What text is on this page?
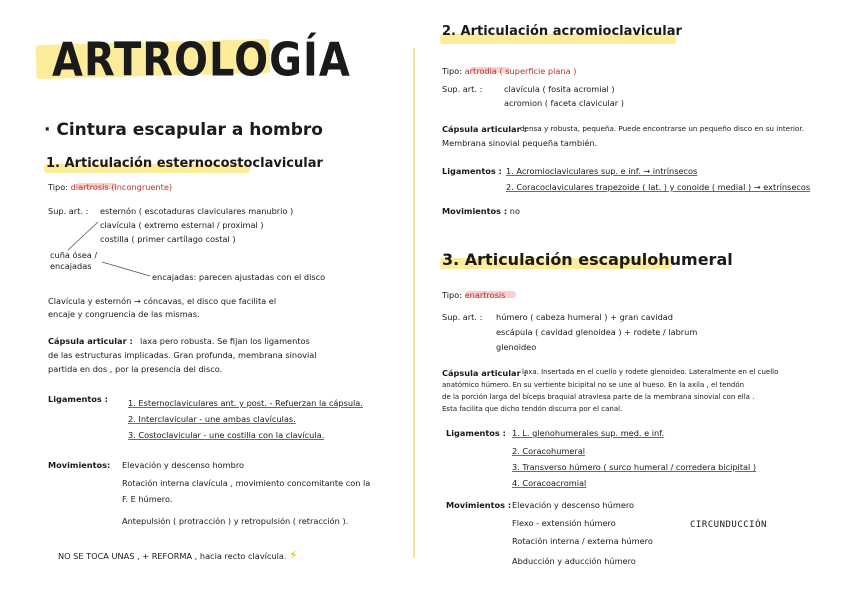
ARTROLOGÍA
· Cintura escapular a hombro
1. Articulación esternocostoclavicular
Tipo: diartrosis (incongruente)
Sup. art. : esternón ( escotaduras claviculares manubrio )
clavícula ( extremo esternal / proximal )
costilla ( primer cartílago costal )
cuña ósea /
encajadas
encajadas: parecen ajustadas con el disco
Clavícula y esternón → cóncavas, el disco que facilita el
encaje y congruencia de las mismas.
Cápsula articular : laxa pero robusta. Se fijan los ligamentos
de las estructuras implicadas. Gran profunda, membrana sinovial
partida en dos , por la presencia del disco.
Ligamentos : 1. Esternoclaviculares ant. y post. - Refuerzan la cápsula.
2. Interclavicular - une ambas clavículas.
3. Costoclavicular - une costilla con la clavícula.
Movimientos: Elevación y descenso hombro
Rotación interna clavícula , movimiento concomitante con la
F. E húmero.
Antepulsión ( protracción ) y retropulsión ( retracción ).
NO SE TOCA UNAS , + REFORMA , hacia recto clavícula. ⚡
2. Articulación acromioclavicular
Tipo: artrodia ( superficie plana )
Sup. art. :	clavícula ( fosita acromial )
acromion ( faceta clavicular )
Cápsula articular :
densa y robusta, pequeña. Puede encontrarse un pequeño disco en su interior.
Membrana sinovial pequeña también.
Ligamentos : 1. Acromioclaviculares sup. e inf. → intrínsecos
2. Coracoclaviculares trapezoide ( lat. ) y conoide ( medial ) → extrínsecos
Movimientos : no
3. Articulación escapulohumeral
Tipo: enartrosis
Sup. art. : húmero ( cabeza humeral ) + gran cavidad
escápula ( cavidad glenoidea ) + rodete / labrum
glenoideo
Cápsula articular :
laxa. Insertada en el cuello y rodete glenoideo. Lateralmente en el cuello
anatómico húmero. En su vertiente bicipital no se une al hueso. En la axila , el tendón
de la porción larga del bíceps braquial atraviesa parte de la membrana sinovial con ella .
Esta facilita que dicho tendón discurra por el canal.
Ligamentos : 1. L. glenohumerales sup. med. e inf.
2. Coracohumeral
3. Transverso húmero ( surco humeral / corredera bicipital )
4. Coracoacromial
Movimientos : Elevación y descenso húmero
Flexo - extensión húmero
Rotación interna / externa húmero
Abducción y aducción húmero
CIRCUNDUCCIÓN
